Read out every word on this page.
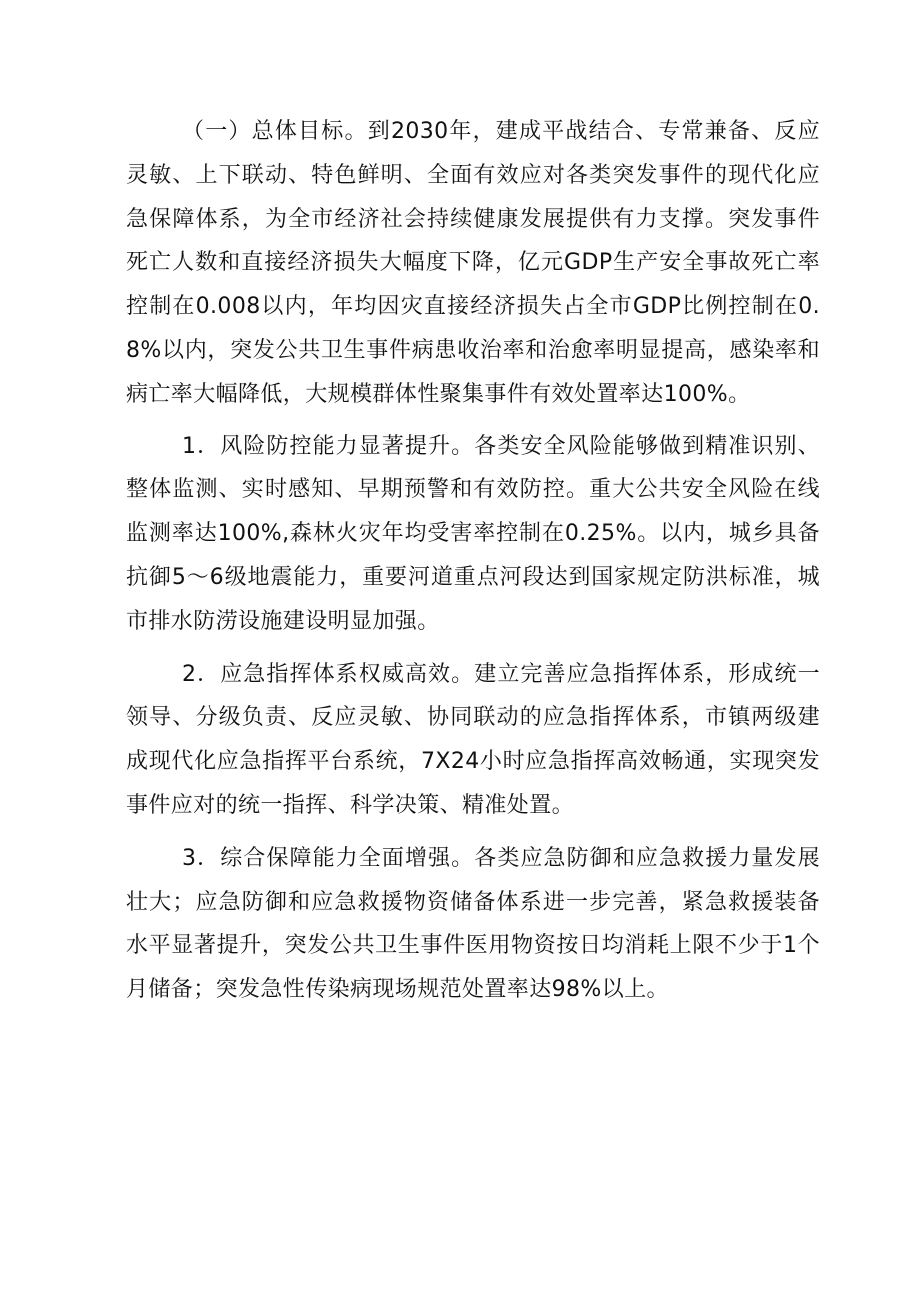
（一）总体目标。到2030年，建成平战结合、专常兼备、反应灵敏、上下联动、特色鲜明、全面有效应对各类突发事件的现代化应急保障体系，为全市经济社会持续健康发展提供有力支撑。突发事件死亡人数和直接经济损失大幅度下降，亿元GDP生产安全事故死亡率控制在0.008以内，年均因灾直接经济损失占全市GDP比例控制在0.8%以内，突发公共卫生事件病患收治率和治愈率明显提高，感染率和病亡率大幅降低，大规模群体性聚集事件有效处置率达100%。

1．风险防控能力显著提升。各类安全风险能够做到精准识别、整体监测、实时感知、早期预警和有效防控。重大公共安全风险在线监测率达100%,森林火灾年均受害率控制在0.25%。以内，城乡具备抗御5〜6级地震能力，重要河道重点河段达到国家规定防洪标准，城市排水防涝设施建设明显加强。

2．应急指挥体系权威高效。建立完善应急指挥体系，形成统一领导、分级负责、反应灵敏、协同联动的应急指挥体系，市镇两级建成现代化应急指挥平台系统，7X24小时应急指挥高效畅通，实现突发事件应对的统一指挥、科学决策、精准处置。

3．综合保障能力全面增强。各类应急防御和应急救援力量发展壮大；应急防御和应急救援物资储备体系进一步完善，紧急救援装备水平显著提升，突发公共卫生事件医用物资按日均消耗上限不少于1个月储备；突发急性传染病现场规范处置率达98%以上。
